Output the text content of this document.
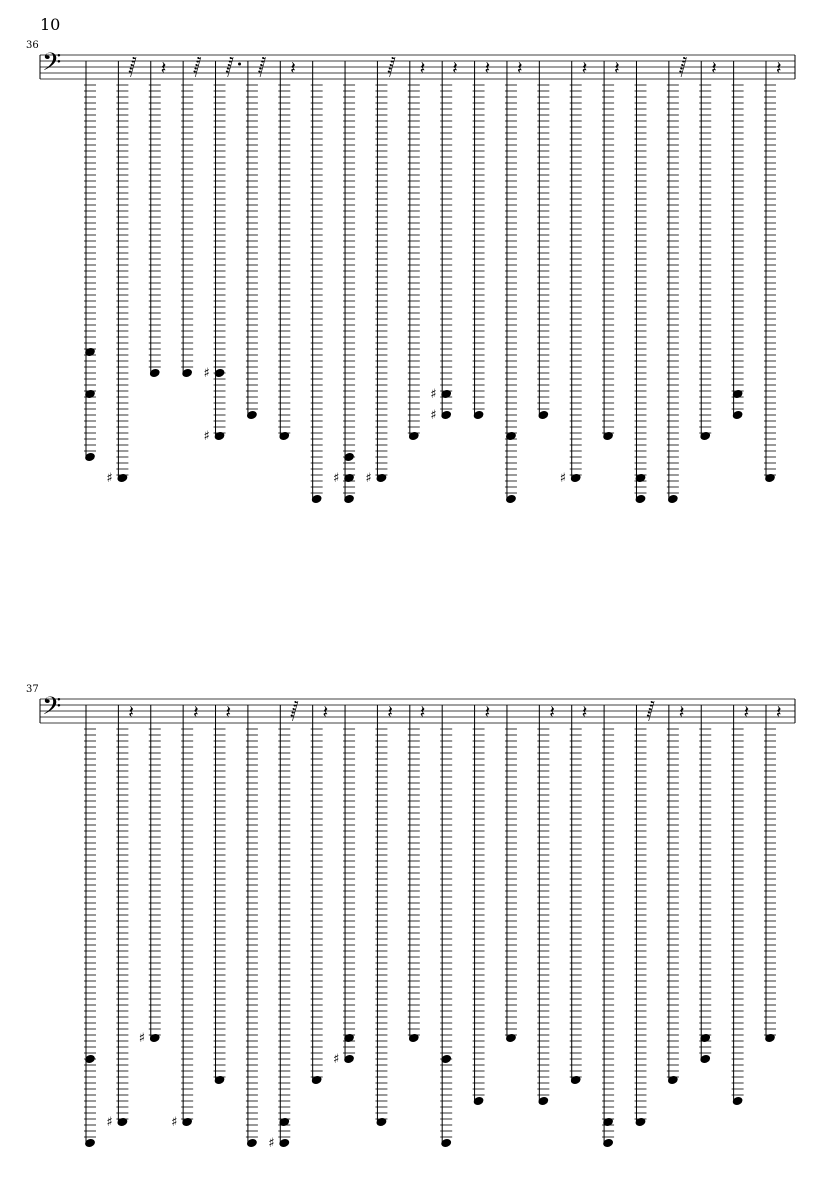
10
36
𝄢
♯
𝅂 𝄽 𝅂
♯
♯
𝅂 𝅂 𝄽
♯ ♯
𝅂 𝄽
♯
♯
𝄽 𝄽 𝄽
♯
𝄽 𝄽	𝅂 𝄽	𝄽
37
𝄢
♯
𝄽
♯
♯
𝄽 𝄽
♯
𝅂 𝄽
♯
𝄽 𝄽	𝄽	𝄽 𝄽	𝅂 𝄽	𝄽 𝄽
